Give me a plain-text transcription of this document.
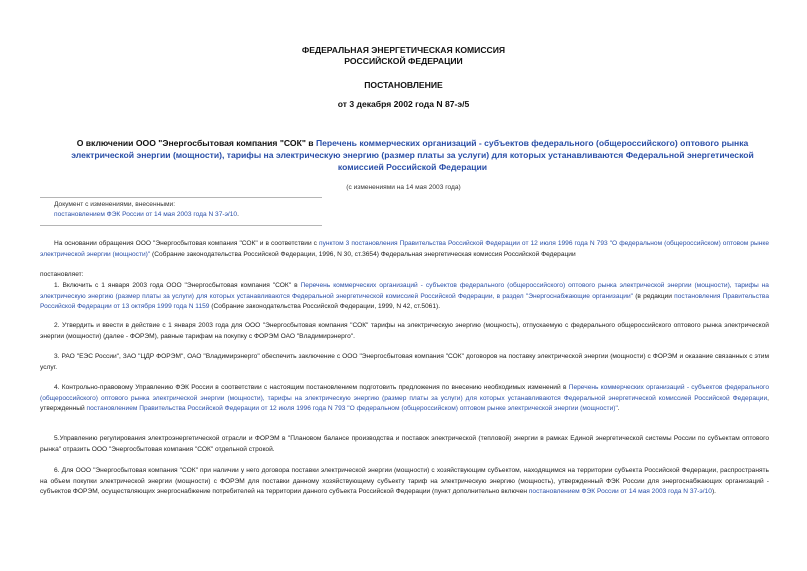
ФЕДЕРАЛЬНАЯ ЭНЕРГЕТИЧЕСКАЯ КОМИССИЯ
РОССИЙСКОЙ ФЕДЕРАЦИИ
ПОСТАНОВЛЕНИЕ
от 3 декабря 2002 года N 87-э/5
О включении ООО "Энергосбытовая компания "СОК" в Перечень коммерческих организаций - субъектов федерального (общероссийского) оптового рынка электрической энергии (мощности), тарифы на электрическую энергию (размер платы за услуги) для которых устанавливаются Федеральной энергетической комиссией Российской Федерации
(с изменениями на 14 мая 2003 года)
Документ с изменениями, внесенными:
постановлением ФЭК России от 14 мая 2003 года N 37-э/10.
На основании обращения ООО "Энергосбытовая компания "СОК" и в соответствии с пунктом 3 постановления Правительства Российской Федерации от 12 июля 1996 года N 793 "О федеральном (общероссийском) оптовом рынке электрической энергии (мощности)" (Собрание законодательства Российской Федерации, 1996, N 30, ст.3654) Федеральная энергетическая комиссия Российской Федерации
постановляет:
1. Включить с 1 января 2003 года ООО "Энергосбытовая компания "СОК" в Перечень коммерческих организаций - субъектов федерального (общероссийского) оптового рынка электрической энергии (мощности), тарифы на электрическую энергию (размер платы за услуги) для которых устанавливаются Федеральной энергетической комиссией Российской Федерации, в раздел "Энергоснабжающие организации" (в редакции постановления Правительства Российской Федерации от 13 октября 1999 года N 1159 (Собрание законодательства Российской Федерации, 1999, N 42, ст.5061).
2. Утвердить и ввести в действие с 1 января 2003 года для ООО "Энергосбытовая компания "СОК" тарифы на электрическую энергию (мощность), отпускаемую с федерального общероссийского оптового рынка электрической энергии (мощности) (далее - ФОРЭМ), равные тарифам на покупку с ФОРЭМ ОАО "Владимирэнерго".
3. РАО "ЕЭС России", ЗАО "ЦДР ФОРЭМ", ОАО "Владимирэнерго" обеспечить заключение с ООО "Энергосбытовая компания "СОК" договоров на поставку электрической энергии (мощности) с ФОРЭМ и оказание связанных с этим услуг.
4. Контрольно-правовому Управлению ФЭК России в соответствии с настоящим постановлением подготовить предложения по внесению необходимых изменений в Перечень коммерческих организаций - субъектов федерального (общероссийского) оптового рынка электрической энергии (мощности), тарифы на электрическую энергию (размер платы за услуги) для которых устанавливаются Федеральной энергетической комиссией Российской Федерации, утвержденный постановлением Правительства Российской Федерации от 12 июля 1996 года N 793 "О федеральном (общероссийском) оптовом рынке электрической энергии (мощности)".
5.Управлению регулирования электроэнергетической отрасли и ФОРЭМ в "Плановом балансе производства и поставок электрической (тепловой) энергии в рамках Единой энергетической системы России по субъектам оптового рынка" отразить ООО "Энергосбытовая компания "СОК" отдельной строкой.
6. Для ООО "Энергосбытовая компания "СОК" при наличии у него договора поставки электрической энергии (мощности) с хозяйствующим субъектом, находящимся на территории субъекта Российской Федерации, распространять на объем покупки электрической энергии (мощности) с ФОРЭМ для поставки данному хозяйствующему субъекту тариф на электрическую энергию (мощность), утвержденный ФЭК России для энергоснабжающих организаций - субъектов ФОРЭМ, осуществляющих энергоснабжение потребителей на территории данного субъекта Российской Федерации (пункт дополнительно включен постановлением ФЭК России от 14 мая 2003 года N 37-э/10).
